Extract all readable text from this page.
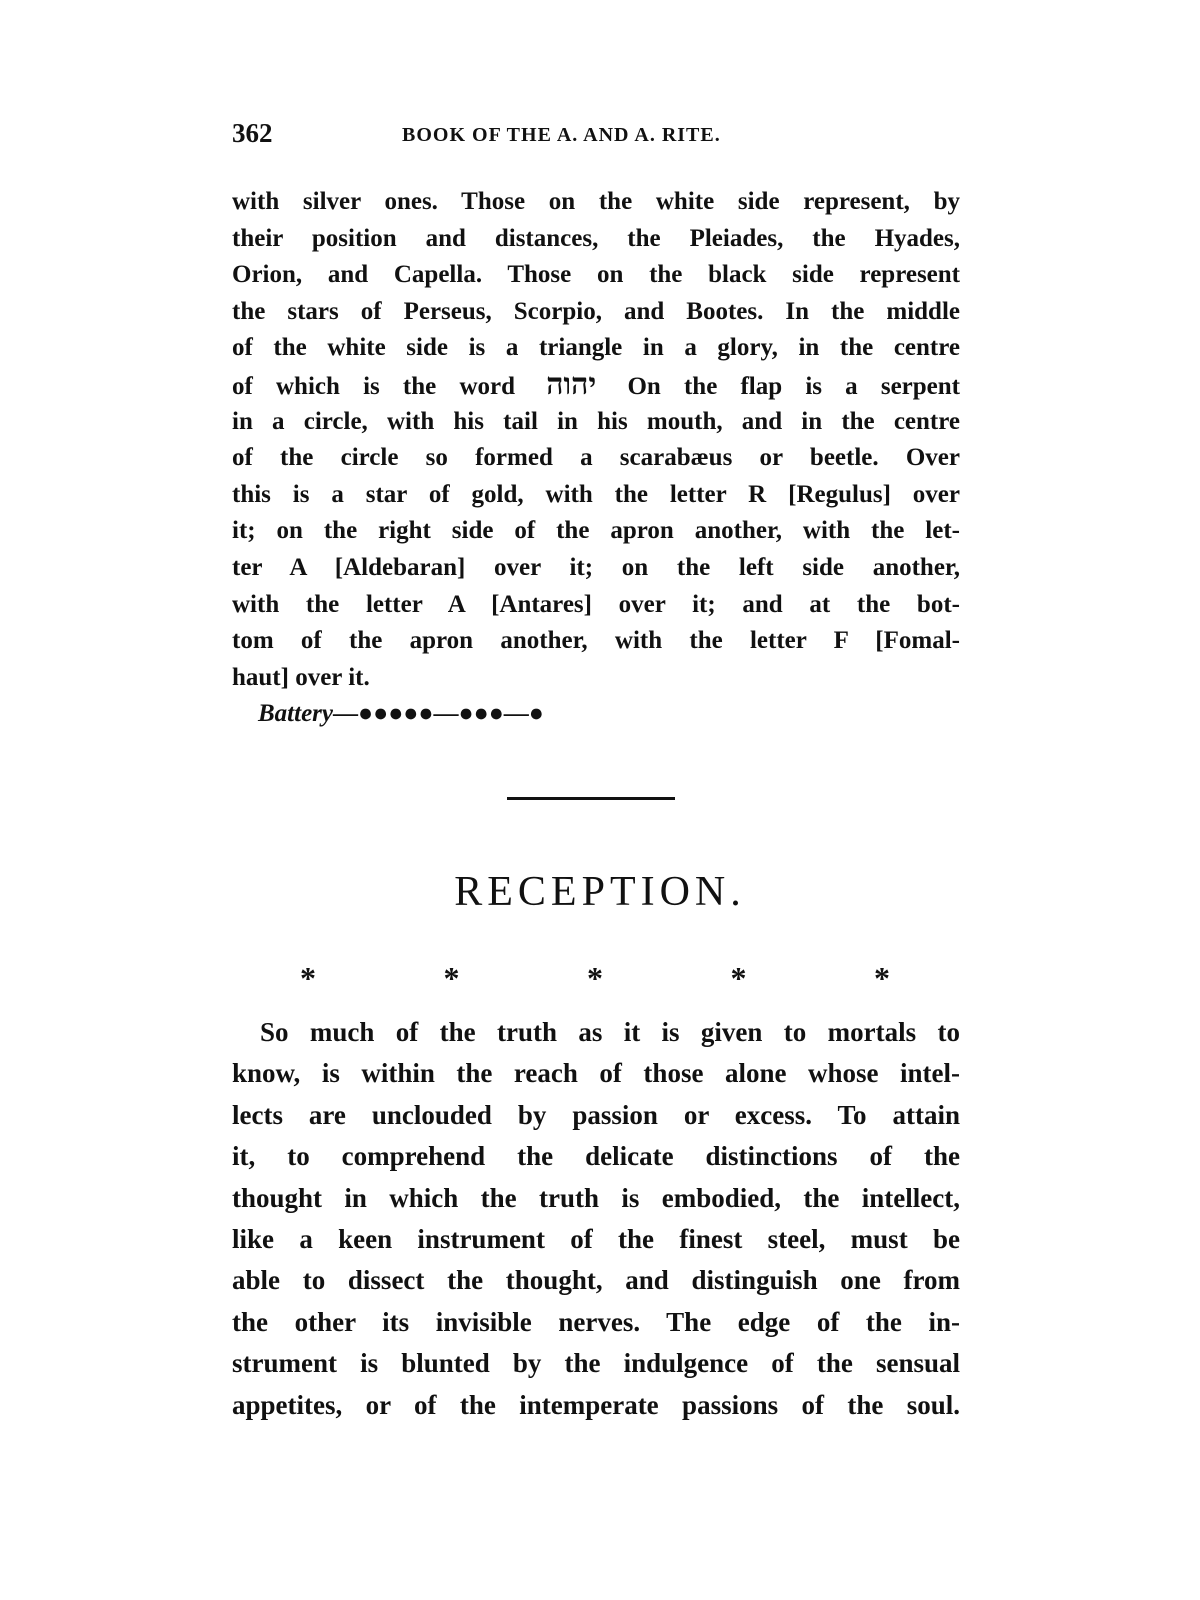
362	BOOK OF THE A. AND A. RITE.
with silver ones. Those on the white side represent, by
their position and distances, the Pleiades, the Hyades,
Orion, and Capella. Those on the black side represent
the stars of Perseus, Scorpio, and Bootes. In the middle
of the white side is a triangle in a glory, in the centre
of which is the word יהוה On the flap is a serpent
in a circle, with his tail in his mouth, and in the centre
of the circle so formed a scarabæus or beetle. Over
this is a star of gold, with the letter R [Regulus] over
it; on the right side of the apron another, with the let-
ter A [Aldebaran] over it; on the left side another,
with the letter A [Antares] over it; and at the bot-
tom of the apron another, with the letter F [Fomal-
haut] over it.
Battery—●●●●●—●●●—●
RECEPTION.
*	*	*	*	*
So much of the truth as it is given to mortals to
know, is within the reach of those alone whose intel-
lects are unclouded by passion or excess. To attain
it, to comprehend the delicate distinctions of the
thought in which the truth is embodied, the intellect,
like a keen instrument of the finest steel, must be
able to dissect the thought, and distinguish one from
the other its invisible nerves. The edge of the in-
strument is blunted by the indulgence of the sensual
appetites, or of the intemperate passions of the soul.
